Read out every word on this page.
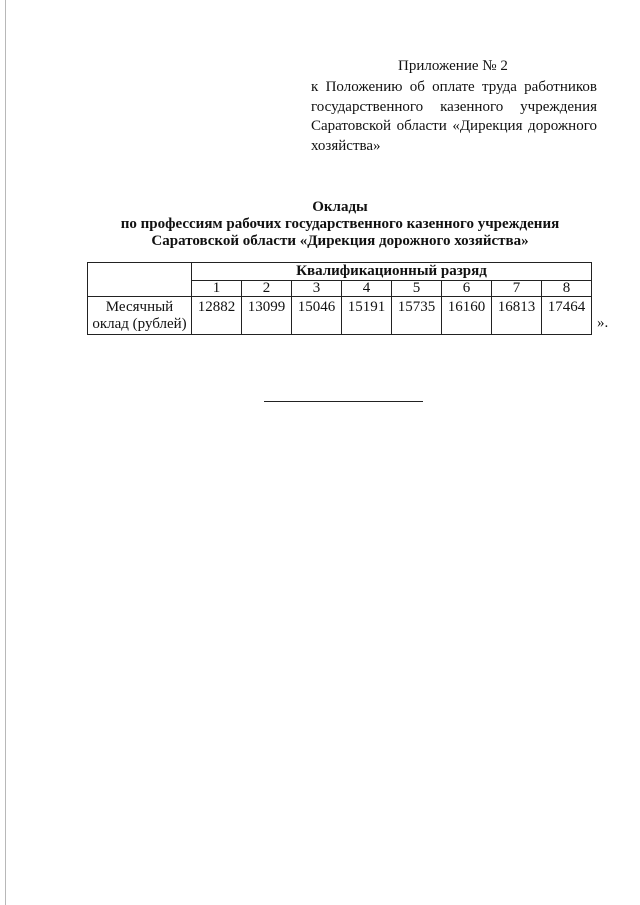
Приложение № 2
к Положению об оплате труда работников государственного казенного учреждения Саратовской области «Дирекция дорожного хозяйства»
Оклады
по профессиям рабочих государственного казенного учреждения
Саратовской области «Дирекция дорожного хозяйства»
	Квалификационный разряд							
	1	2	3	4	5	6	7	8
Месячный оклад (рублей)	12882	13099	15046	15191	15735	16160	16813	17464
».
